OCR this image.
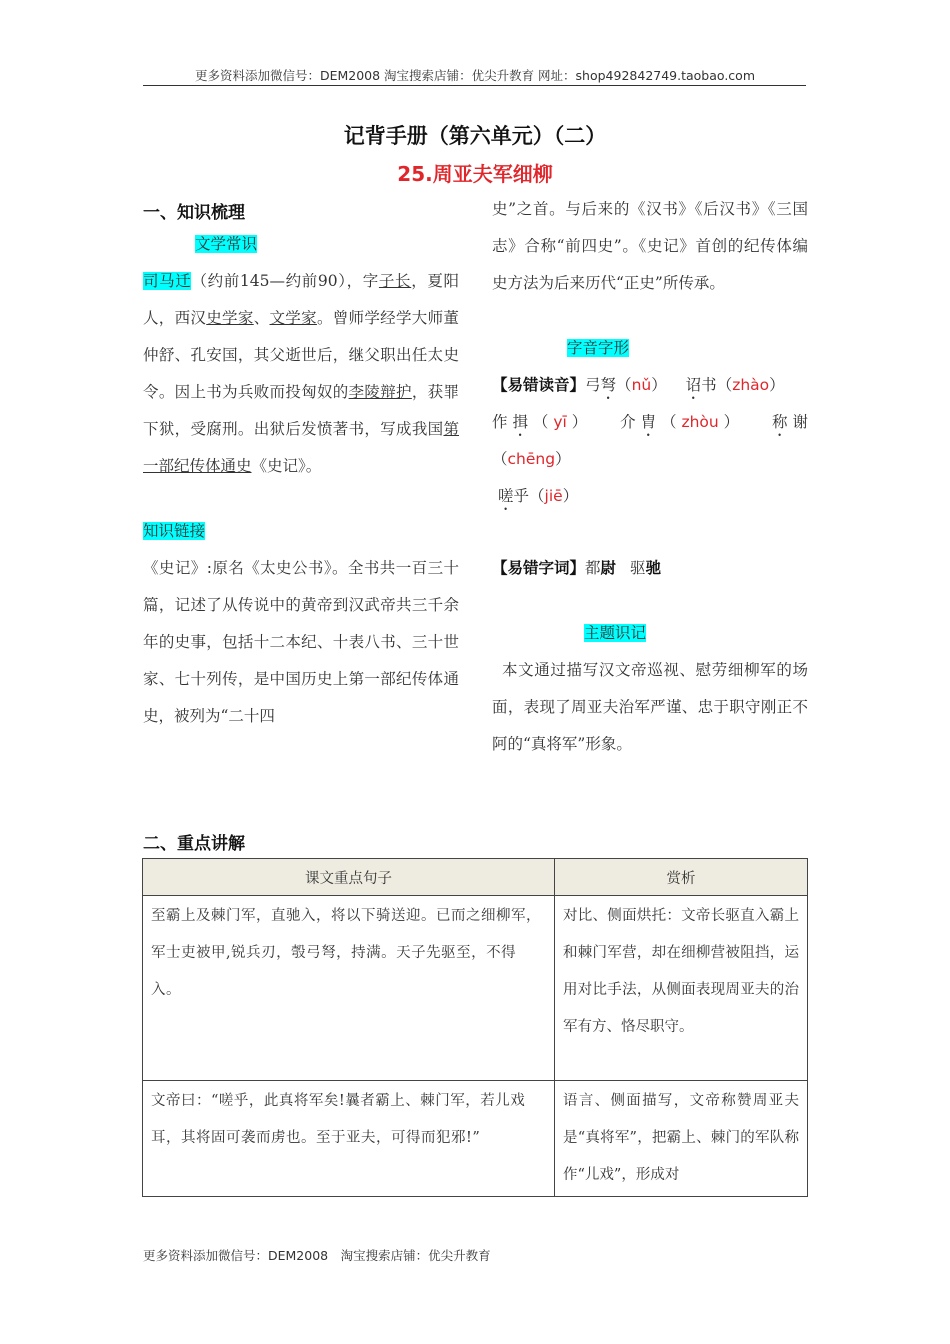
更多资料添加微信号：DEM2008 淘宝搜索店铺：优尖升教育 网址：shop492842749.taobao.com
记背手册（第六单元）（二）
25.周亚夫军细柳
一、知识梳理

文学常识

司马迁（约前145—约前90），字子长，夏阳人，西汉史学家、文学家。曾师学经学大师董仲舒、孔安国，其父逝世后，继父职出任太史令。因上书为兵败而投匈奴的李陵辩护，获罪下狱，受腐刑。出狱后发愤著书，写成我国第一部纪传体通史《史记》。

知识链接

《史记》:原名《太史公书》。全书共一百三十篇，记述了从传说中的黄帝到汉武帝共三千余年的史事，包括十二本纪、十表八书、三十世家、七十列传，是中国历史上第一部纪传体通史，被列为“二十四

史”之首。与后来的《汉书》《后汉书》《三国志》合称“前四史”。《史记》首创的纪传体编史方法为后来历代“正史”所传承。

字音字形

【易错读音】弓弩（nǔ） 诏书（zhào）
作 揖 （ yī ） 介 胄 （ zhòu ） 称 谢
（chēng）
嗟乎（jiē）

【易错字词】都尉 驱驰

主题识记

本文通过描写汉文帝巡视、慰劳细柳军的场面，表现了周亚夫治军严谨、忠于职守刚正不阿的“真将军”形象。

二、重点讲解
课文重点句子	赏析
至霸上及棘门军，直驰入，将以下骑送迎。已而之细柳军，军士吏被甲,锐兵刃，彀弓弩，持满。天子先驱至，不得入。	对比、侧面烘托：文帝长驱直入霸上和棘门军营，却在细柳营被阻挡，运用对比手法，从侧面表现周亚夫的治军有方、恪尽职守。
文帝曰：“嗟乎，此真将军矣!曩者霸上、棘门军，若儿戏耳，其将固可袭而虏也。至于亚夫，可得而犯邪!”	语言、侧面描写，文帝称赞周亚夫是“真将军”，把霸上、棘门的军队称作“儿戏”，形成对
更多资料添加微信号：DEM2008　淘宝搜索店铺：优尖升教育
